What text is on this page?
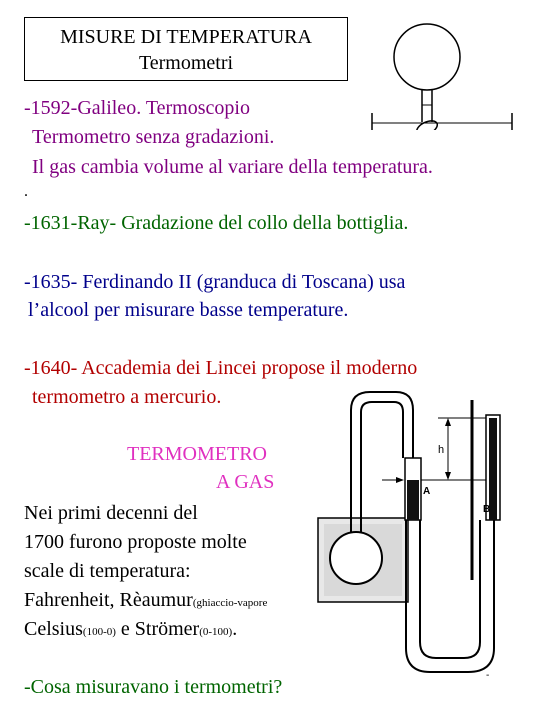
MISURE DI TEMPERATURA
Termometri
-1592-Galileo. Termoscopio
Termometro senza gradazioni.
Il gas cambia volume al variare della temperatura.
.
-1631-Ray- Gradazione del collo della bottiglia.
-1635- Ferdinando II (granduca di Toscana) usa
l’alcool per misurare basse temperature.
-1640- Accademia dei Lincei propose il moderno
termometro a mercurio.
TERMOMETRO
A GAS
Nei primi decenni del
1700 furono proposte molte
scale di temperatura:
Fahrenheit, Rèaumur(ghiaccio-vapore
Celsius(100-0) e Strömer(0-100).
-Cosa misuravano i termometri?
h
A
B
-
